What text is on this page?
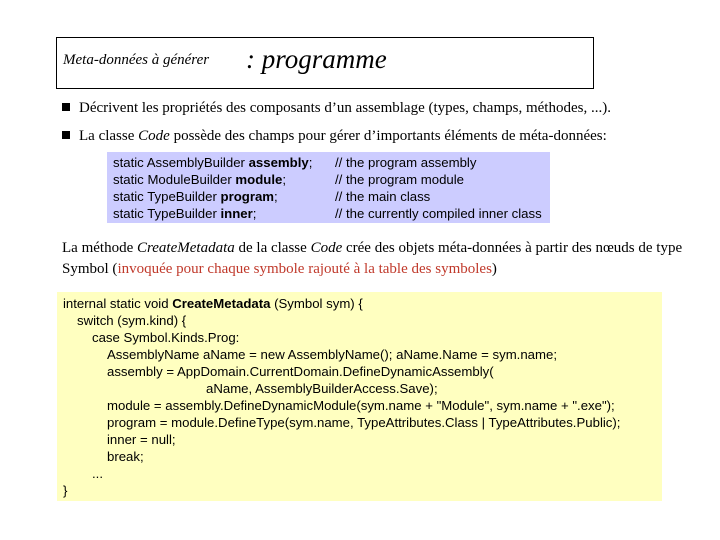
Meta-données à générer : programme
Décrivent les propriétés des composants d’un assemblage (types, champs, méthodes, ...).
La classe Code possède des champs pour gérer d’importants éléments de méta-données:
static AssemblyBuilder assembly; // the program assembly
static ModuleBuilder module;	// the program module
static TypeBuilder program;	// the main class
static TypeBuilder inner;	// the currently compiled inner class
La méthode CreateMetadata de la classe Code crée des objets méta-données à partir des nœuds de type Symbol (invoquée pour chaque symbole rajouté à la table des symboles)
internal static void CreateMetadata (Symbol sym) {
switch (sym.kind) {
case Symbol.Kinds.Prog:
AssemblyName aName = new AssemblyName(); aName.Name = sym.name;
assembly = AppDomain.CurrentDomain.DefineDynamicAssembly(
aName, AssemblyBuilderAccess.Save);
module = assembly.DefineDynamicModule(sym.name + "Module", sym.name + ".exe");
program = module.DefineType(sym.name, TypeAttributes.Class | TypeAttributes.Public);
inner = null;
break;
...
}
